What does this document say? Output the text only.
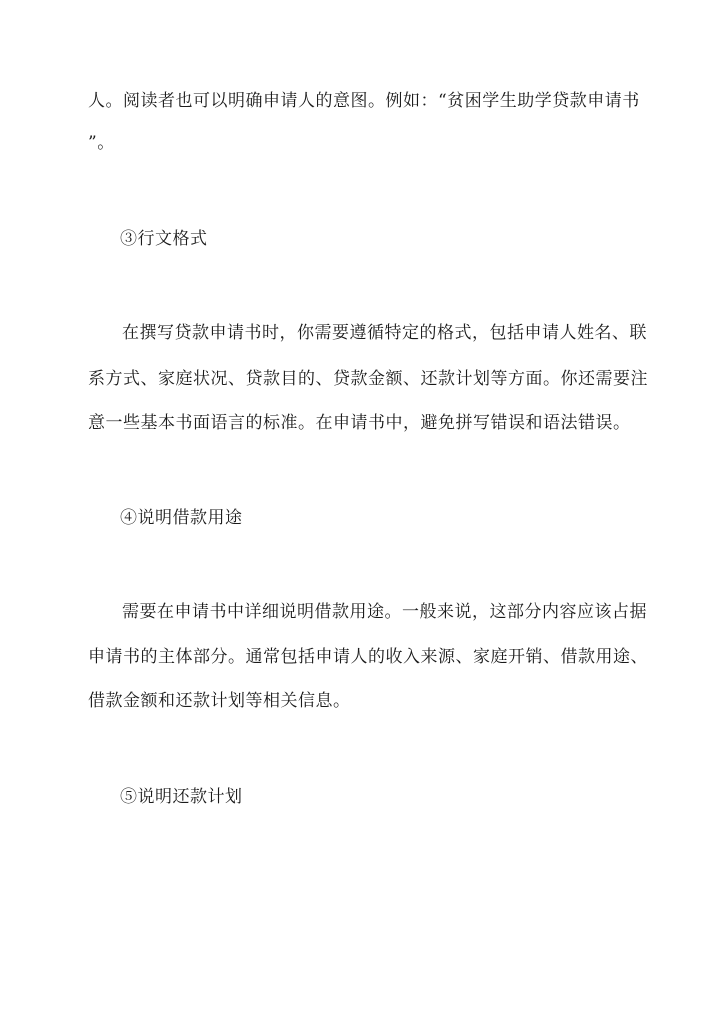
人。阅读者也可以明确申请人的意图。例如：“贫困学生助学贷款申请书
”。
③行文格式
在撰写贷款申请书时，你需要遵循特定的格式，包括申请人姓名、联
系方式、家庭状况、贷款目的、贷款金额、还款计划等方面。你还需要注
意一些基本书面语言的标准。在申请书中，避免拼写错误和语法错误。
④说明借款用途
需要在申请书中详细说明借款用途。一般来说，这部分内容应该占据
申请书的主体部分。通常包括申请人的收入来源、家庭开销、借款用途、
借款金额和还款计划等相关信息。
⑤说明还款计划
